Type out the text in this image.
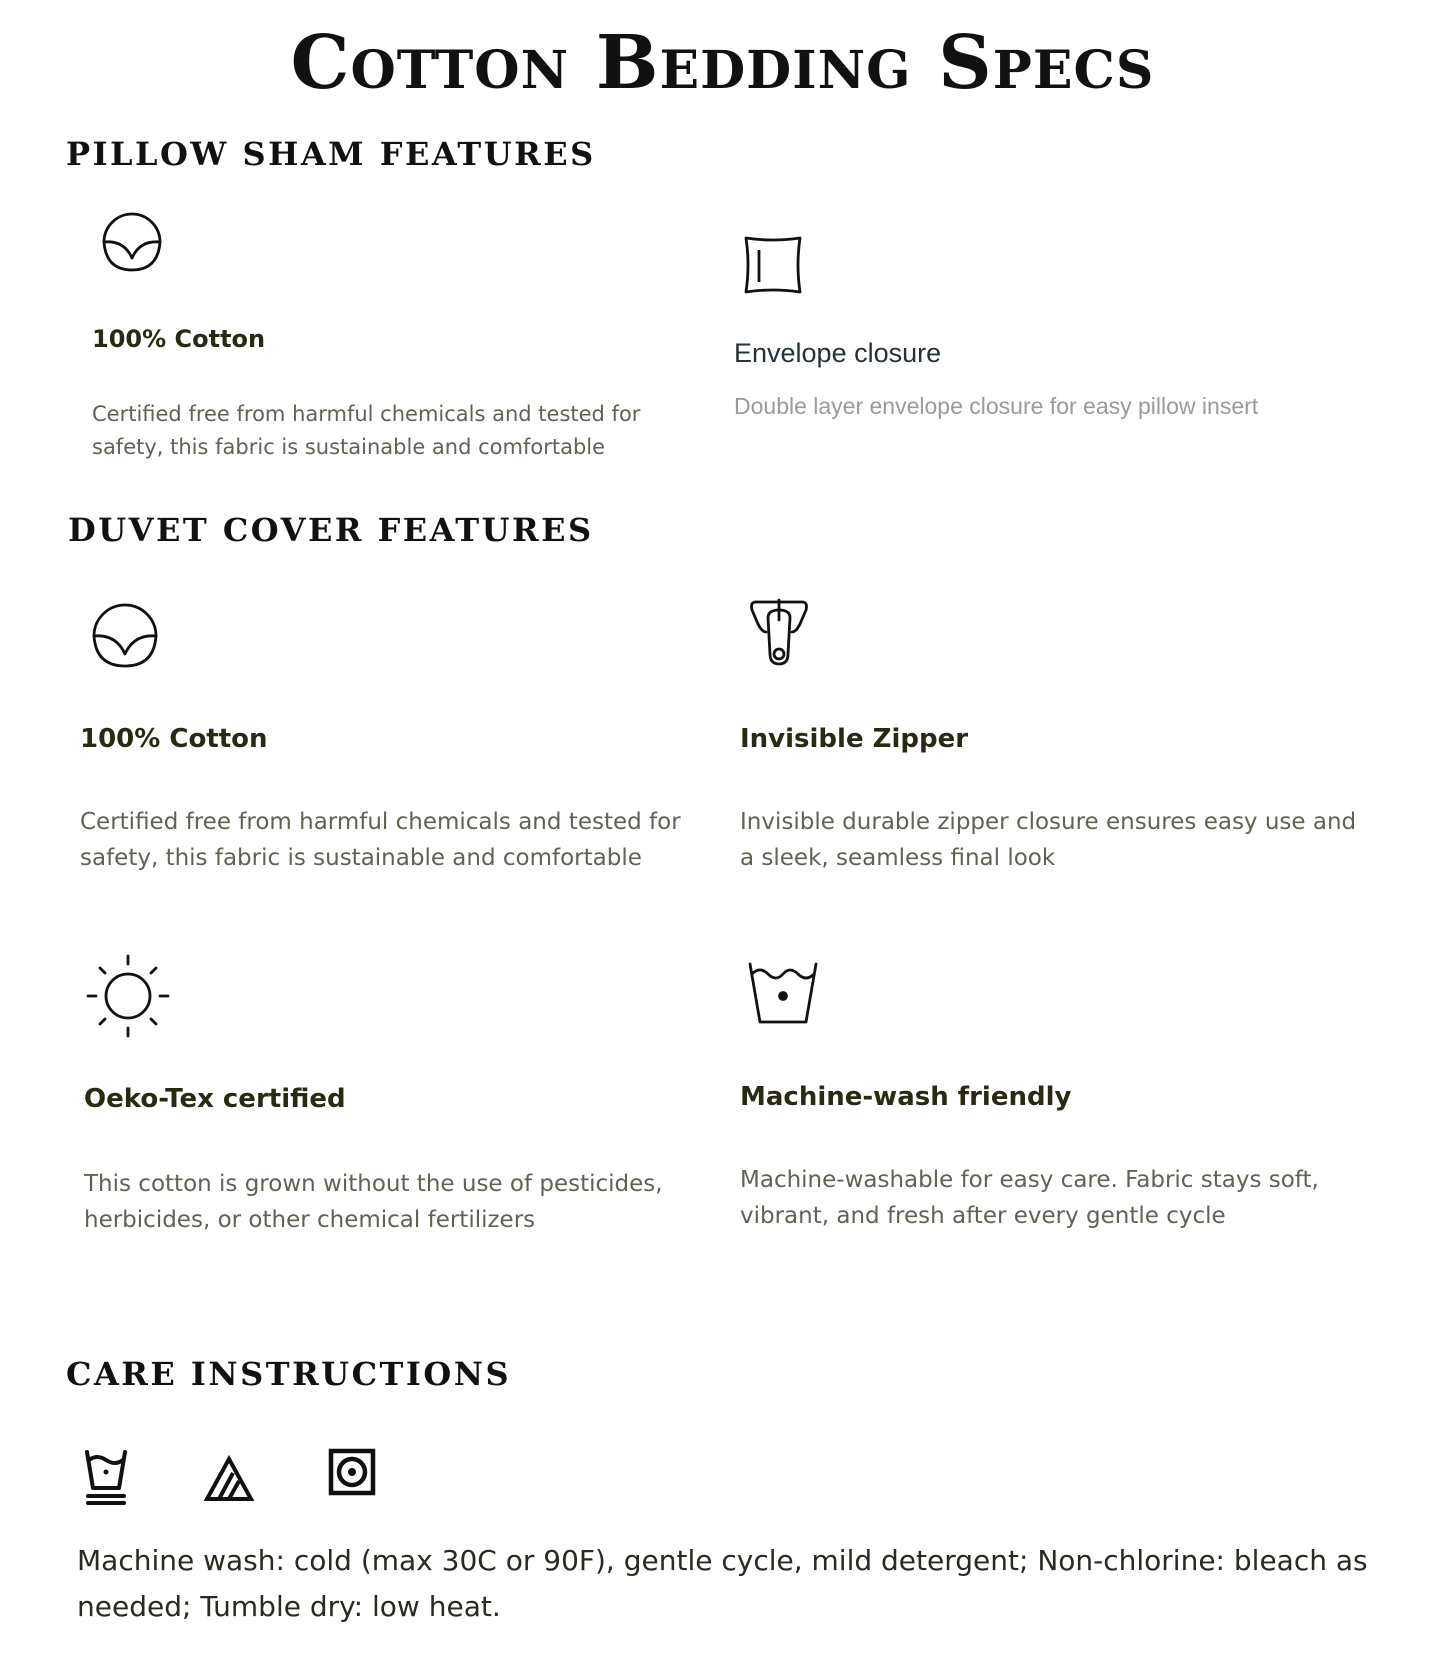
Cotton Bedding Specs
PILLOW SHAM FEATURES
100% Cotton
Certified free from harmful chemicals and tested for safety, this fabric is sustainable and comfortable
Envelope closure
Double layer envelope closure for easy pillow insert
DUVET COVER FEATURES
100% Cotton
Certified free from harmful chemicals and tested for safety, this fabric is sustainable and comfortable
Invisible Zipper
Invisible durable zipper closure ensures easy use and a sleek, seamless final look
Oeko-Tex certified
This cotton is grown without the use of pesticides, herbicides, or other chemical fertilizers
Machine-wash friendly
Machine-washable for easy care. Fabric stays soft, vibrant, and fresh after every gentle cycle
CARE INSTRUCTIONS
Machine wash: cold (max 30C or 90F), gentle cycle, mild detergent; Non-chlorine: bleach as needed; Tumble dry: low heat.
